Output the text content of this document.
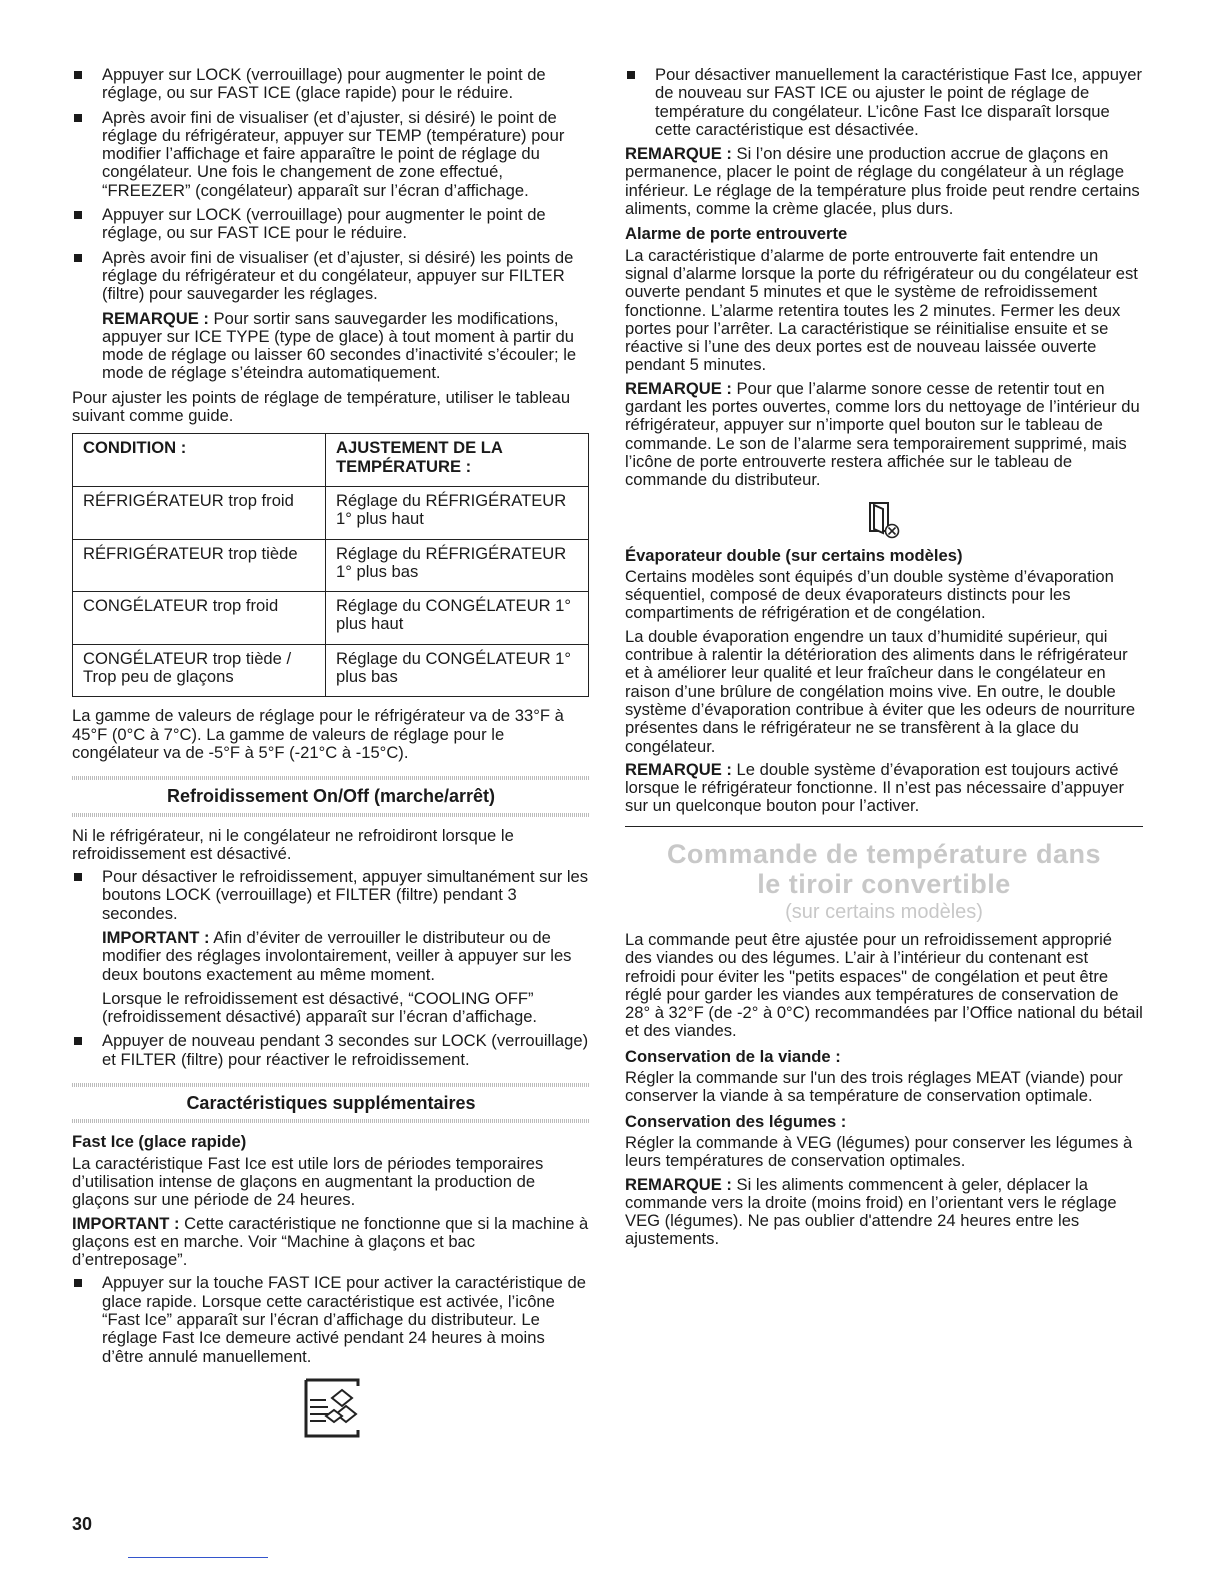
Appuyer sur LOCK (verrouillage) pour augmenter le point de réglage, ou sur FAST ICE (glace rapide) pour le réduire.

Après avoir fini de visualiser (et d’ajuster, si désiré) le point de réglage du réfrigérateur, appuyer sur TEMP (température) pour modifier l’affichage et faire apparaître le point de réglage du congélateur. Une fois le changement de zone effectué, “FREEZER” (congélateur) apparaît sur l’écran d’affichage.

Appuyer sur LOCK (verrouillage) pour augmenter le point de réglage, ou sur FAST ICE pour le réduire.

Après avoir fini de visualiser (et d’ajuster, si désiré) les points de réglage du réfrigérateur et du congélateur, appuyer sur FILTER (filtre) pour sauvegarder les réglages.

REMARQUE : Pour sortir sans sauvegarder les modifications, appuyer sur ICE TYPE (type de glace) à tout moment à partir du mode de réglage ou laisser 60 secondes d’inactivité s’écouler; le mode de réglage s’éteindra automatiquement.

Pour ajuster les points de réglage de température, utiliser le tableau suivant comme guide.

CONDITION :	AJUSTEMENT DE LA TEMPÉRATURE :
RÉFRIGÉRATEUR trop froid	Réglage du RÉFRIGÉRATEUR 1° plus haut
RÉFRIGÉRATEUR trop tiède	Réglage du RÉFRIGÉRATEUR 1° plus bas
CONGÉLATEUR trop froid	Réglage du CONGÉLATEUR 1° plus haut
CONGÉLATEUR trop tiède / Trop peu de glaçons	Réglage du CONGÉLATEUR 1° plus bas

La gamme de valeurs de réglage pour le réfrigérateur va de 33°F à 45°F (0°C à 7°C). La gamme de valeurs de réglage pour le congélateur va de -5°F à 5°F (-21°C à -15°C).

Refroidissement On/Off (marche/arrêt)

Ni le réfrigérateur, ni le congélateur ne refroidiront lorsque le refroidissement est désactivé.

Pour désactiver le refroidissement, appuyer simultanément sur les boutons LOCK (verrouillage) et FILTER (filtre) pendant 3 secondes.

IMPORTANT : Afin d’éviter de verrouiller le distributeur ou de modifier des réglages involontairement, veiller à appuyer sur les deux boutons exactement au même moment.

Lorsque le refroidissement est désactivé, “COOLING OFF” (refroidissement désactivé) apparaît sur l’écran d’affichage.

Appuyer de nouveau pendant 3 secondes sur LOCK (verrouillage) et FILTER (filtre) pour réactiver le refroidissement.

Caractéristiques supplémentaires
Fast Ice (glace rapide)

La caractéristique Fast Ice est utile lors de périodes temporaires d’utilisation intense de glaçons en augmentant la production de glaçons sur une période de 24 heures.

IMPORTANT : Cette caractéristique ne fonctionne que si la machine à glaçons est en marche. Voir “Machine à glaçons et bac d’entreposage”.

Appuyer sur la touche FAST ICE pour activer la caractéristique de glace rapide. Lorsque cette caractéristique est activée, l’icône “Fast Ice” apparaît sur l’écran d’affichage du distributeur. Le réglage Fast Ice demeure activé pendant 24 heures à moins d’être annulé manuellement.

Pour désactiver manuellement la caractéristique Fast Ice, appuyer de nouveau sur FAST ICE ou ajuster le point de réglage de température du congélateur. L’icône Fast Ice disparaît lorsque cette caractéristique est désactivée.

REMARQUE : Si l’on désire une production accrue de glaçons en permanence, placer le point de réglage du congélateur à un réglage inférieur. Le réglage de la température plus froide peut rendre certains aliments, comme la crème glacée, plus durs.

Alarme de porte entrouverte

La caractéristique d’alarme de porte entrouverte fait entendre un signal d’alarme lorsque la porte du réfrigérateur ou du congélateur est ouverte pendant 5 minutes et que le système de refroidissement fonctionne. L’alarme retentira toutes les 2 minutes. Fermer les deux portes pour l’arrêter. La caractéristique se réinitialise ensuite et se réactive si l’une des deux portes est de nouveau laissée ouverte pendant 5 minutes.

REMARQUE : Pour que l’alarme sonore cesse de retentir tout en gardant les portes ouvertes, comme lors du nettoyage de l’intérieur du réfrigérateur, appuyer sur n’importe quel bouton sur le tableau de commande. Le son de l’alarme sera temporairement supprimé, mais l’icône de porte entrouverte restera affichée sur le tableau de commande du distributeur.

Évaporateur double (sur certains modèles)

Certains modèles sont équipés d’un double système d’évaporation séquentiel, composé de deux évaporateurs distincts pour les compartiments de réfrigération et de congélation.

La double évaporation engendre un taux d’humidité supérieur, qui contribue à ralentir la détérioration des aliments dans le réfrigérateur et à améliorer leur qualité et leur fraîcheur dans le congélateur en raison d’une brûlure de congélation moins vive. En outre, le double système d’évaporation contribue à éviter que les odeurs de nourriture présentes dans le réfrigérateur ne se transfèrent à la glace du congélateur.

REMARQUE : Le double système d’évaporation est toujours activé lorsque le réfrigérateur fonctionne. Il n’est pas nécessaire d’appuyer sur un quelconque bouton pour l’activer.

Commande de température dans
le tiroir convertible
(sur certains modèles)

La commande peut être ajustée pour un refroidissement approprié des viandes ou des légumes. L’air à l’intérieur du contenant est refroidi pour éviter les "petits espaces" de congélation et peut être réglé pour garder les viandes aux températures de conservation de 28° à 32°F (de -2° à 0°C) recommandées par l’Office national du bétail et des viandes.

Conservation de la viande :

Régler la commande sur l'un des trois réglages MEAT (viande) pour conserver la viande à sa température de conservation optimale.

Conservation des légumes :

Régler la commande à VEG (légumes) pour conserver les légumes à leurs températures de conservation optimales.

REMARQUE : Si les aliments commencent à geler, déplacer la commande vers la droite (moins froid) en l’orientant vers le réglage VEG (légumes). Ne pas oublier d'attendre 24 heures entre les ajustements.

30
